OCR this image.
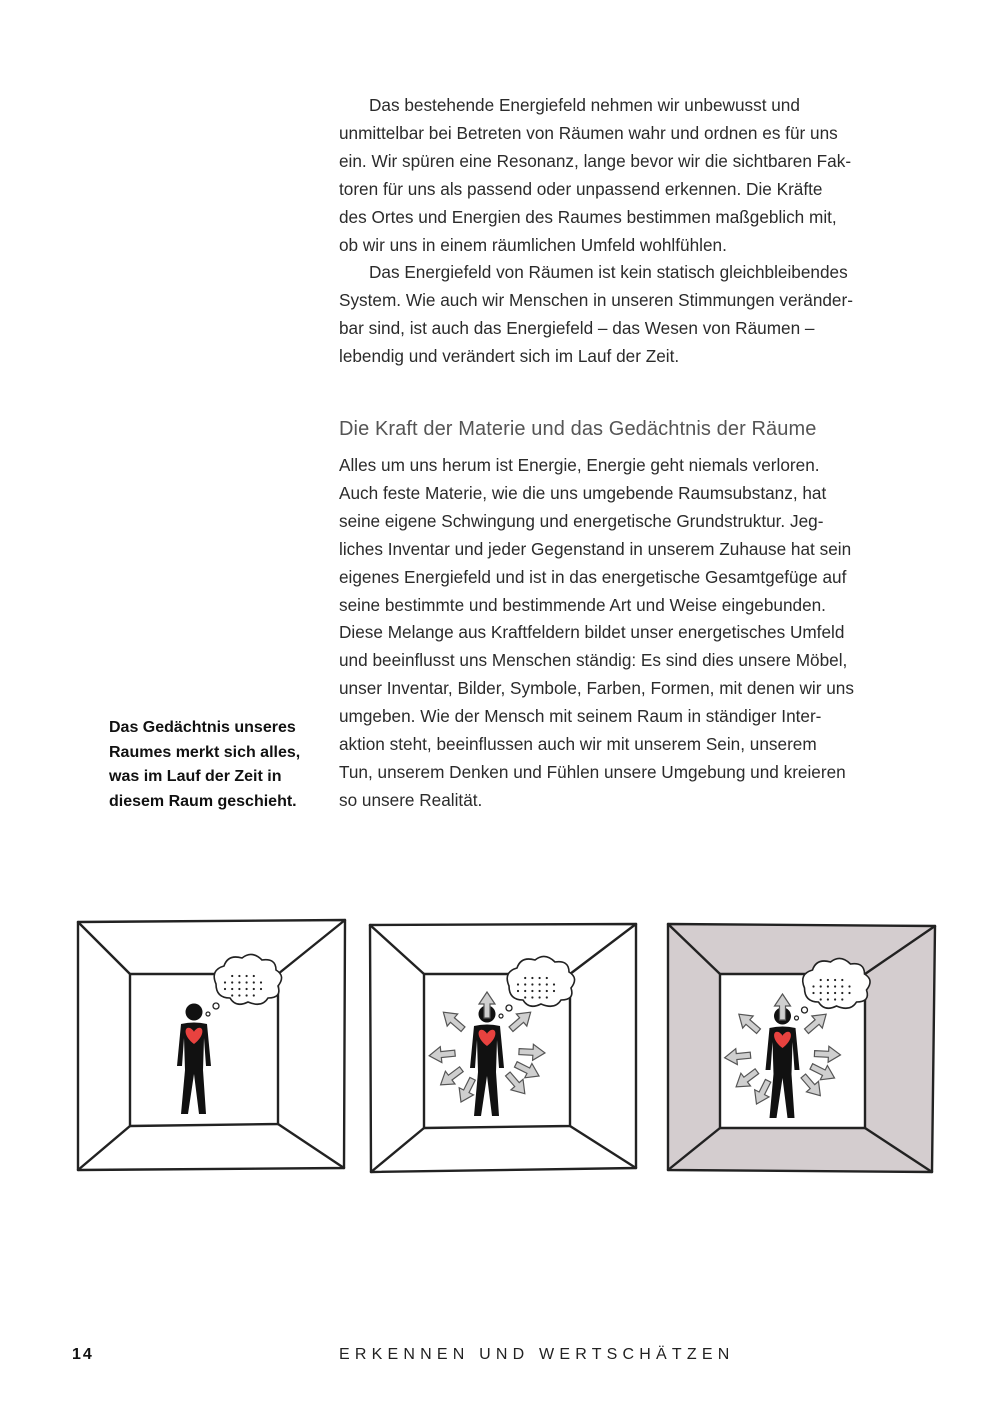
Das bestehende Energiefeld nehmen wir unbewusst und
unmittelbar bei Betreten von Räumen wahr und ordnen es für uns
ein. Wir spüren eine Resonanz, lange bevor wir die sichtbaren Fak-
toren für uns als passend oder unpassend erkennen. Die Kräfte
des Ortes und Energien des Raumes bestimmen maßgeblich mit,
ob wir uns in einem räumlichen Umfeld wohlfühlen.
Das Energiefeld von Räumen ist kein statisch gleichbleibendes
System. Wie auch wir Menschen in unseren Stimmungen veränder-
bar sind, ist auch das Energiefeld – das Wesen von Räumen –
lebendig und verändert sich im Lauf der Zeit.
Die Kraft der Materie und das Gedächtnis der Räume
Alles um uns herum ist Energie, Energie geht niemals verloren.
Auch feste Materie, wie die uns umgebende Raumsubstanz, hat
seine eigene Schwingung und energetische Grundstruktur. Jeg-
liches Inventar und jeder Gegenstand in unserem Zuhause hat sein
eigenes Energiefeld und ist in das energetische Gesamtgefüge auf
seine bestimmte und bestimmende Art und Weise eingebunden.
Diese Melange aus Kraftfeldern bildet unser energetisches Umfeld
und beeinflusst uns Menschen ständig: Es sind dies unsere Möbel,
unser Inventar, Bilder, Symbole, Farben, Formen, mit denen wir uns
umgeben. Wie der Mensch mit seinem Raum in ständiger Inter-
aktion steht, beeinflussen auch wir mit unserem Sein, unserem
Tun, unserem Denken und Fühlen unsere Umgebung und kreieren
so unsere Realität.

Das Gedächtnis unseres
Raumes merkt sich alles,
was im Lauf der Zeit in
diesem Raum geschieht.

14	ERKENNEN UND WERTSCHÄTZEN
